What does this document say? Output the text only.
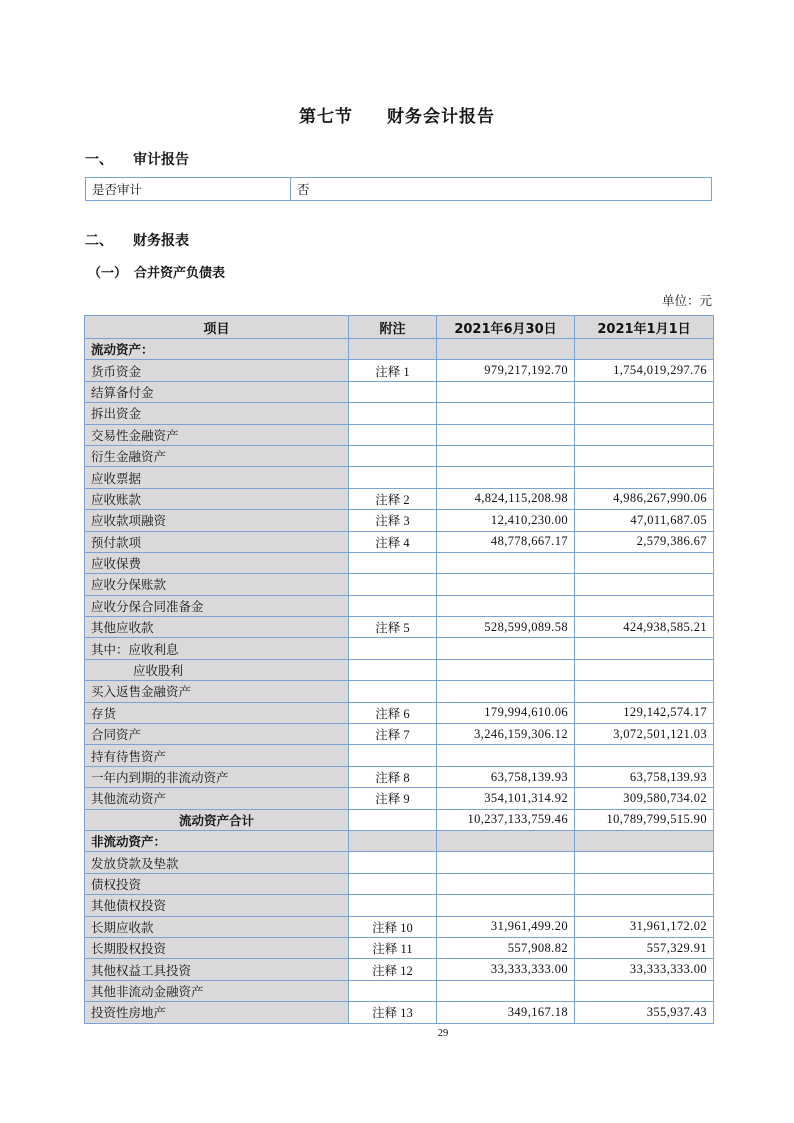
第七节 财务会计报告
一、 审计报告
是否审计	否
二、 财务报表
（一） 合并资产负债表
单位：元
项目	附注	2021年6月30日	2021年1月1日
流动资产：			
货币资金	注释 1	979,217,192.70	1,754,019,297.76
结算备付金			
拆出资金			
交易性金融资产			
衍生金融资产			
应收票据			
应收账款	注释 2	4,824,115,208.98	4,986,267,990.06
应收款项融资	注释 3	12,410,230.00	47,011,687.05
预付款项	注释 4	48,778,667.17	2,579,386.67
应收保费			
应收分保账款			
应收分保合同准备金			
其他应收款	注释 5	528,599,089.58	424,938,585.21
其中：应收利息			
应收股利			
买入返售金融资产			
存货	注释 6	179,994,610.06	129,142,574.17
合同资产	注释 7	3,246,159,306.12	3,072,501,121.03
持有待售资产			
一年内到期的非流动资产	注释 8	63,758,139.93	63,758,139.93
其他流动资产	注释 9	354,101,314.92	309,580,734.02
流动资产合计		10,237,133,759.46	10,789,799,515.90
非流动资产：			
发放贷款及垫款			
债权投资			
其他债权投资			
长期应收款	注释 10	31,961,499.20	31,961,172.02
长期股权投资	注释 11	557,908.82	557,329.91
其他权益工具投资	注释 12	33,333,333.00	33,333,333.00
其他非流动金融资产			
投资性房地产	注释 13	349,167.18	355,937.43
29
